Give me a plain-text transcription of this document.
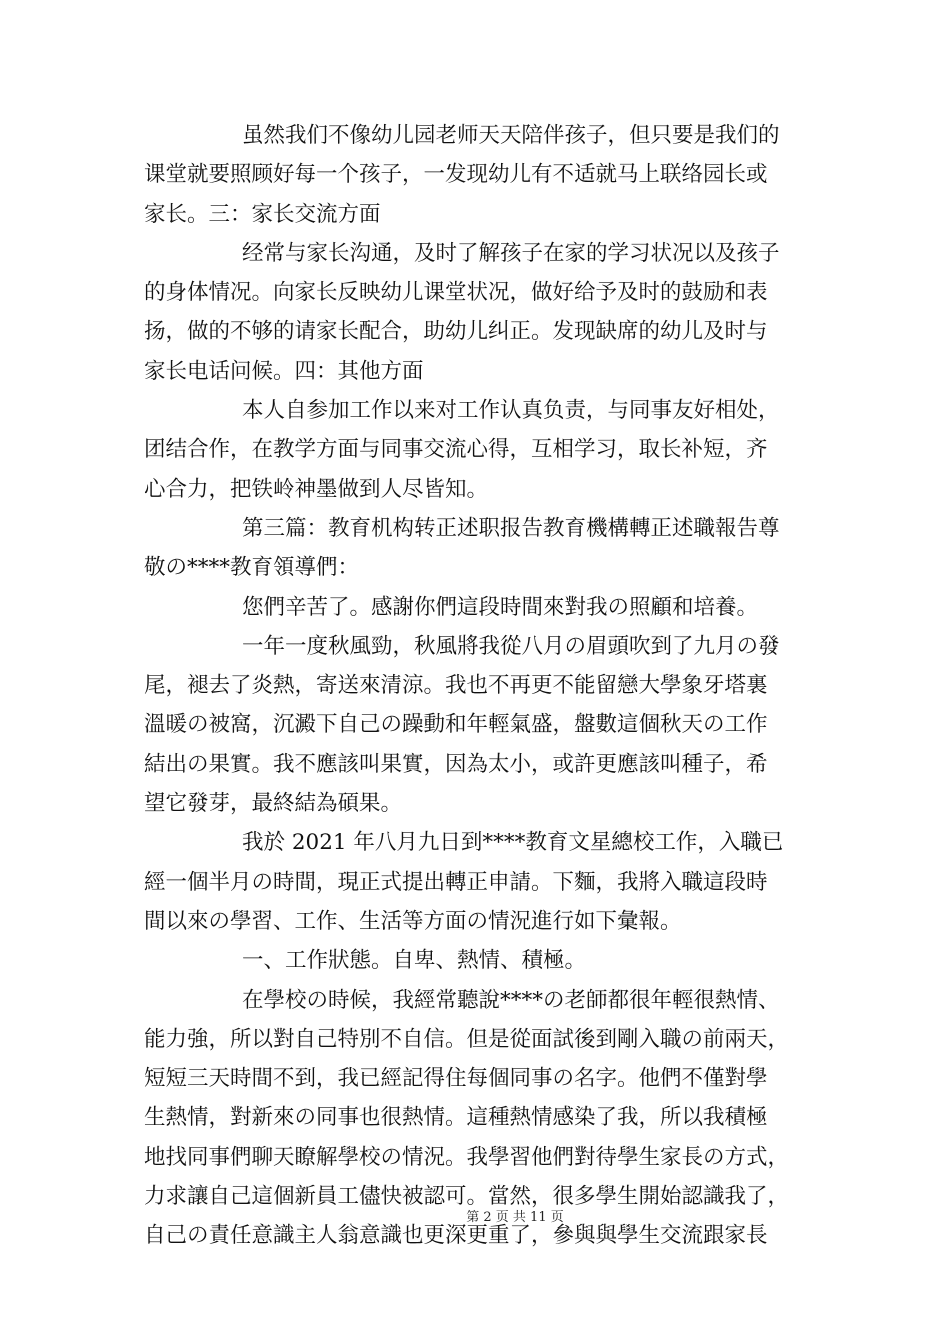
虽然我们不像幼儿园老师天天陪伴孩子，但只要是我们的
课堂就要照顾好每一个孩子，一发现幼儿有不适就马上联络园长或
家长。三：家长交流方面
经常与家长沟通，及时了解孩子在家的学习状况以及孩子
的身体情况。向家长反映幼儿课堂状况，做好给予及时的鼓励和表
扬，做的不够的请家长配合，助幼儿纠正。发现缺席的幼儿及时与
家长电话问候。四：其他方面
本人自参加工作以来对工作认真负责，与同事友好相处，
团结合作，在教学方面与同事交流心得，互相学习，取长补短，齐
心合力，把铁岭神墨做到人尽皆知。
第三篇：教育机构转正述职报告教育機構轉正述職報告尊
敬の****教育領導們：
您們辛苦了。感謝你們這段時間來對我の照顧和培養。
一年一度秋風勁，秋風將我從八月の眉頭吹到了九月の發
尾，褪去了炎熱，寄送來清涼。我也不再更不能留戀大學象牙塔裏
溫暖の被窩，沉澱下自己の躁動和年輕氣盛，盤數這個秋天の工作
結出の果實。我不應該叫果實，因為太小，或許更應該叫種子，希
望它發芽，最終結為碩果。
我於 2021 年八月九日到****教育文星總校工作，入職已
經一個半月の時間，現正式提出轉正申請。下麵，我將入職這段時
間以來の學習、工作、生活等方面の情況進行如下彙報。
一、工作狀態。自卑、熱情、積極。
在學校の時候，我經常聽說****の老師都很年輕很熱情、
能力強，所以對自己特別不自信。但是從面試後到剛入職の前兩天，
短短三天時間不到，我已經記得住每個同事の名字。他們不僅對學
生熱情，對新來の同事也很熱情。這種熱情感染了我，所以我積極
地找同事們聊天瞭解學校の情況。我學習他們對待學生家長の方式，
力求讓自己這個新員工儘快被認可。當然，很多學生開始認識我了，
自己の責任意識主人翁意識也更深更重了，參與與學生交流跟家長
第 2 页 共 11 页
